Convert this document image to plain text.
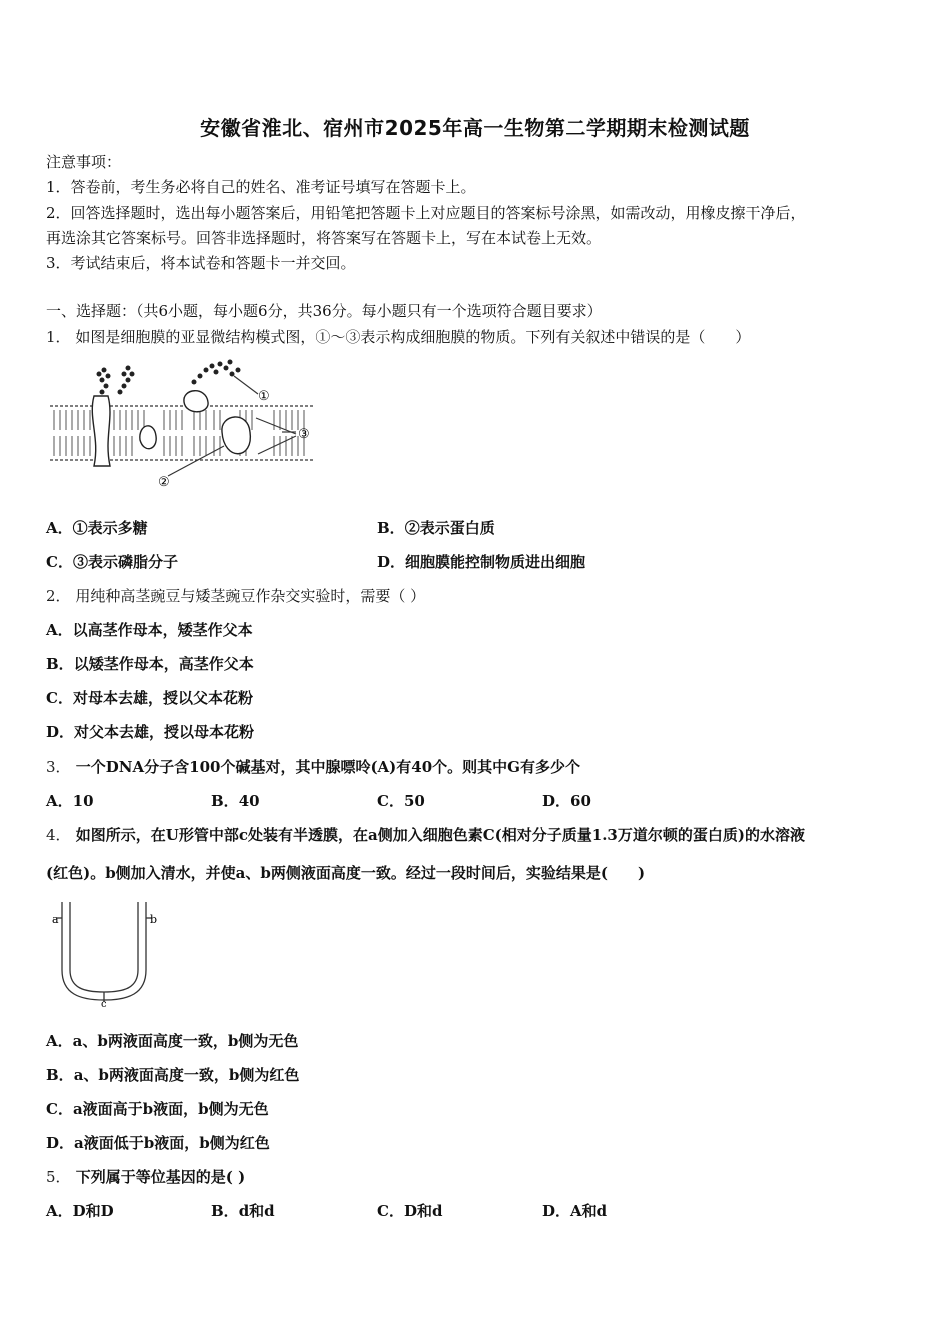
安徽省淮北、宿州市2025年高一生物第二学期期末检测试题
注意事项：
1．答卷前，考生务必将自己的姓名、准考证号填写在答题卡上。
2．回答选择题时，选出每小题答案后，用铅笔把答题卡上对应题目的答案标号涂黑，如需改动，用橡皮擦干净后，
再选涂其它答案标号。回答非选择题时，将答案写在答题卡上，写在本试卷上无效。
3．考试结束后，将本试卷和答题卡一并交回。
一、选择题：（共6小题，每小题6分，共36分。每小题只有一个选项符合题目要求）
1． 如图是细胞膜的亚显微结构模式图，①～③表示构成细胞膜的物质。下列有关叙述中错误的是（　　）
①
②
③
A．①表示多糖	B．②表示蛋白质
C．③表示磷脂分子	D．细胞膜能控制物质进出细胞
2． 用纯种高茎豌豆与矮茎豌豆作杂交实验时，需要（ ）
A．以高茎作母本，矮茎作父本
B．以矮茎作母本，高茎作父本
C．对母本去雄，授以父本花粉
D．对父本去雄，授以母本花粉
3． 一个DNA分子含100个碱基对，其中腺嘌呤(A)有40个。则其中G有多少个
A．10	B．40	C．50	D．60
4． 如图所示，在U形管中部c处装有半透膜，在a侧加入细胞色素C(相对分子质量1.3万道尔顿的蛋白质)的水溶液
(红色)。b侧加入清水，并使a、b两侧液面高度一致。经过一段时间后，实验结果是(　　)
a	b
c
A．a、b两液面高度一致，b侧为无色
B．a、b两液面高度一致，b侧为红色
C．a液面高于b液面，b侧为无色
D．a液面低于b液面，b侧为红色
5． 下列属于等位基因的是( )
A．D和D	B．d和d	C．D和d	D．A和d
